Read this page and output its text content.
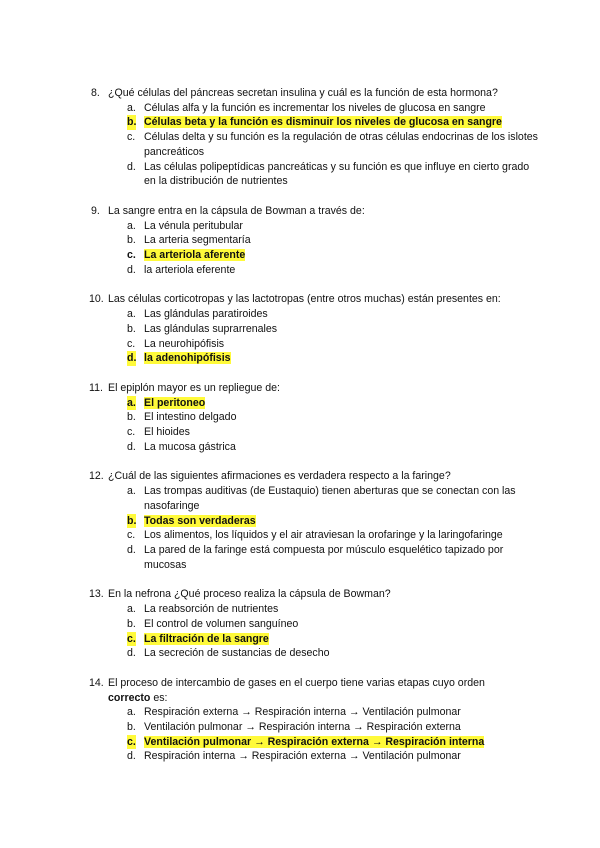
8. ¿Qué células del páncreas secretan insulina y cuál es la función de esta hormona?
a. Células alfa y la función es incrementar los niveles de glucosa en sangre
b. Células beta y la función es disminuir los niveles de glucosa en sangre
c. Células delta y su función es la regulación de otras células endocrinas de los islotes pancreáticos
d. Las células polipeptídicas pancreáticas y su función es que influye en cierto grado en la distribución de nutrientes
9. La sangre entra en la cápsula de Bowman a través de:
a. La vénula peritubular
b. La arteria segmentaría
c. La arteriola aferente
d. la arteriola eferente
10. Las células corticotropas y las lactotropas (entre otros muchas) están presentes en:
a. Las glándulas paratiroides
b. Las glándulas suprarrenales
c. La neurohipófisis
d. la adenohipófisis
11. El epiplón mayor es un repliegue de:
a. El peritoneo
b. El intestino delgado
c. El hioides
d. La mucosa gástrica
12. ¿Cuál de las siguientes afirmaciones es verdadera respecto a la faringe?
a. Las trompas auditivas (de Eustaquio) tienen aberturas que se conectan con las nasofaringe
b. Todas son verdaderas
c. Los alimentos, los líquidos y el air atraviesan la orofaringe y la laringofaringe
d. La pared de la faringe está compuesta por músculo esquelético tapizado por mucosas
13. En la nefrona ¿Qué proceso realiza la cápsula de Bowman?
a. La reabsorción de nutrientes
b. El control de volumen sanguíneo
c. La filtración de la sangre
d. La secreción de sustancias de desecho
14. El proceso de intercambio de gases en el cuerpo tiene varias etapas cuyo orden
correcto es:
a. Respiración externa → Respiración interna → Ventilación pulmonar
b. Ventilación pulmonar → Respiración interna → Respiración externa
c. Ventilación pulmonar → Respiración externa → Respiración interna
d. Respiración interna → Respiración externa → Ventilación pulmonar
